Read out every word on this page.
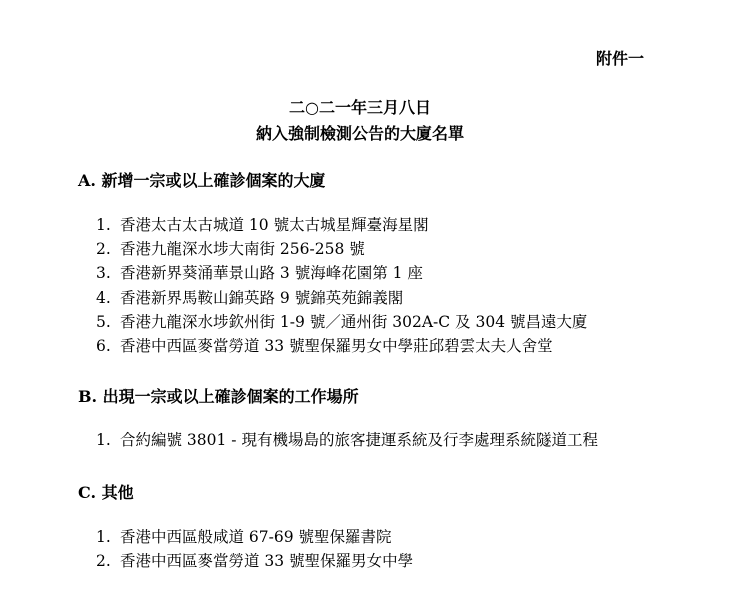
附件一
二○二一年三月八日
納入強制檢測公告的大廈名單
A. 新增一宗或以上確診個案的大廈
1. 香港太古太古城道 10 號太古城星輝臺海星閣
2. 香港九龍深水埗大南街 256-258 號
3. 香港新界葵涌華景山路 3 號海峰花園第 1 座
4. 香港新界馬鞍山錦英路 9 號錦英苑錦義閣
5. 香港九龍深水埗欽州街 1-9 號／通州街 302A-C 及 304 號昌遠大廈
6. 香港中西區麥當勞道 33 號聖保羅男女中學莊邱碧雲太夫人舍堂
B. 出現一宗或以上確診個案的工作場所
1. 合約編號 3801 - 現有機場島的旅客捷運系統及行李處理系統隧道工程
C. 其他
1. 香港中西區般咸道 67-69 號聖保羅書院
2. 香港中西區麥當勞道 33 號聖保羅男女中學
